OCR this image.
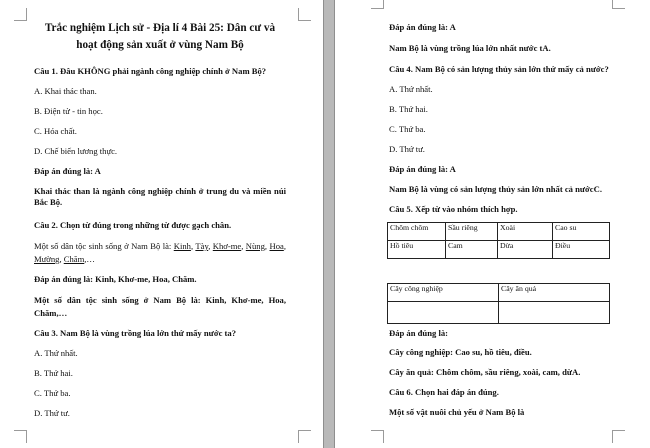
Trắc nghiệm Lịch sử - Địa lí 4 Bài 25: Dân cư và hoạt động sản xuất ở vùng Nam Bộ
Câu 1. Đâu KHÔNG phải ngành công nghiệp chính ở Nam Bộ?
A. Khai thác than.
B. Điện tử - tin học.
C. Hóa chất.
D. Chế biến lương thực.
Đáp án đúng là: A
Khai thác than là ngành công nghiệp chính ở trung du và miền núi Bắc Bộ.
Câu 2. Chọn từ đúng trong những từ được gạch chân.
Một số dân tộc sinh sống ở Nam Bộ là: Kinh, Tày, Khơ-me, Nùng, Hoa, Mường, Chăm,…
Đáp án đúng là: Kinh, Khơ-me, Hoa, Chăm.
Một số dân tộc sinh sống ở Nam Bộ là: Kinh, Khơ-me, Hoa, Chăm,…
Câu 3. Nam Bộ là vùng trồng lúa lớn thứ mấy nước ta?
A. Thứ nhất.
B. Thứ hai.
C. Thứ ba.
D. Thứ tư.
Đáp án đúng là: A
Nam Bộ là vùng trồng lúa lớn nhất nước tA.
Câu 4. Nam Bộ có sản lượng thủy sản lớn thứ mấy cả nước?
A. Thứ nhất.
B. Thứ hai.
C. Thứ ba.
D. Thứ tư.
Đáp án đúng là: A
Nam Bộ là vùng có sản lượng thủy sản lớn nhất cả nướcC.
Câu 5. Xếp từ vào nhóm thích hợp.
Chôm chôm	Sầu riêng	Xoài	Cao su
Hồ tiêu	Cam	Dừa	Điều
Cây công nghiệp	Cây ăn quả

Đáp án đúng là:
Cây công nghiệp: Cao su, hồ tiêu, điều.
Cây ăn quả: Chôm chôm, sầu riêng, xoài, cam, dừA.
Câu 6. Chọn hai đáp án đúng.
Một số vật nuôi chủ yếu ở Nam Bộ là
